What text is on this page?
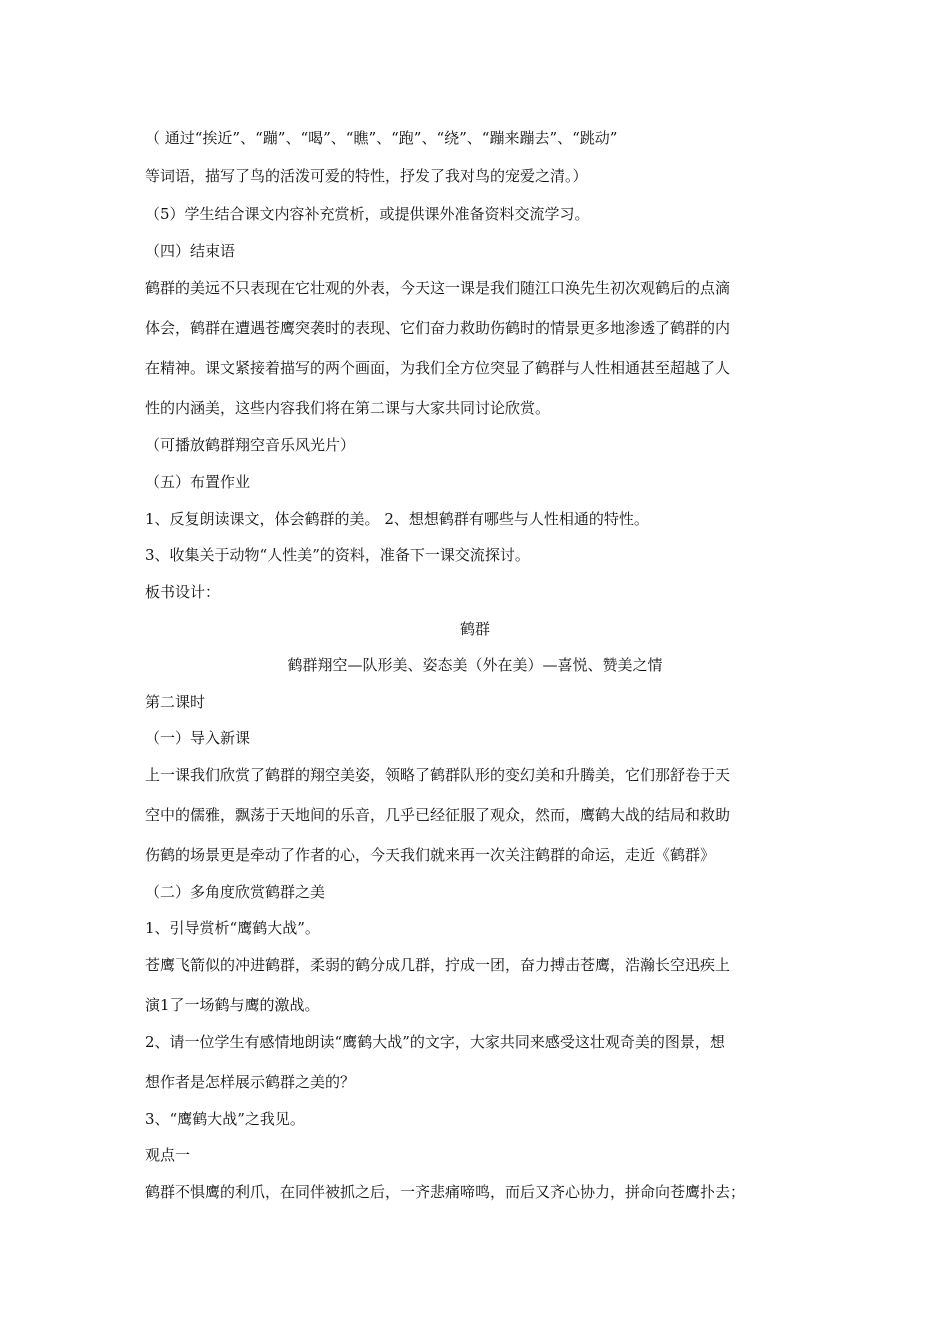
（ 通过“挨近”、“蹦”、“喝”、“瞧”、“跑”、“绕”、“蹦来蹦去”、“跳动”
等词语，描写了鸟的活泼可爱的特性，抒发了我对鸟的宠爱之清。）
（5）学生结合课文内容补充赏析，或提供课外准备资料交流学习。
（四）结束语
鹤群的美远不只表现在它壮观的外表，今天这一课是我们随江口涣先生初次观鹤后的点滴
体会，鹤群在遭遇苍鹰突袭时的表现、它们奋力救助伤鹤时的情景更多地渗透了鹤群的内
在精神。课文紧接着描写的两个画面，为我们全方位突显了鹤群与人性相通甚至超越了人
性的内涵美，这些内容我们将在第二课与大家共同讨论欣赏。
（可播放鹤群翔空音乐风光片）
（五）布置作业
1、反复朗读课文，体会鹤群的美。 2、想想鹤群有哪些与人性相通的特性。
3、收集关于动物“人性美”的资料，准备下一课交流探讨。
板书设计：
鹤群
鹤群翔空—队形美、姿态美（外在美）—喜悦、赞美之情
第二课时
（一）导入新课
上一课我们欣赏了鹤群的翔空美姿，领略了鹤群队形的变幻美和升腾美，它们那舒卷于天
空中的儒雅，飘荡于天地间的乐音，几乎已经征服了观众，然而，鹰鹤大战的结局和救助
伤鹤的场景更是牵动了作者的心，今天我们就来再一次关注鹤群的命运，走近《鹤群》
（二）多角度欣赏鹤群之美
1、引导赏析“鹰鹤大战”。
苍鹰飞箭似的冲进鹤群，柔弱的鹤分成几群，拧成一团，奋力搏击苍鹰，浩瀚长空迅疾上
演1了一场鹤与鹰的激战。
2、请一位学生有感情地朗读“鹰鹤大战”的文字，大家共同来感受这壮观奇美的图景，想
想作者是怎样展示鹤群之美的？
3、“鹰鹤大战”之我见。
观点一
鹤群不惧鹰的利爪，在同伴被抓之后，一齐悲痛啼鸣，而后又齐心协力，拼命向苍鹰扑去；
